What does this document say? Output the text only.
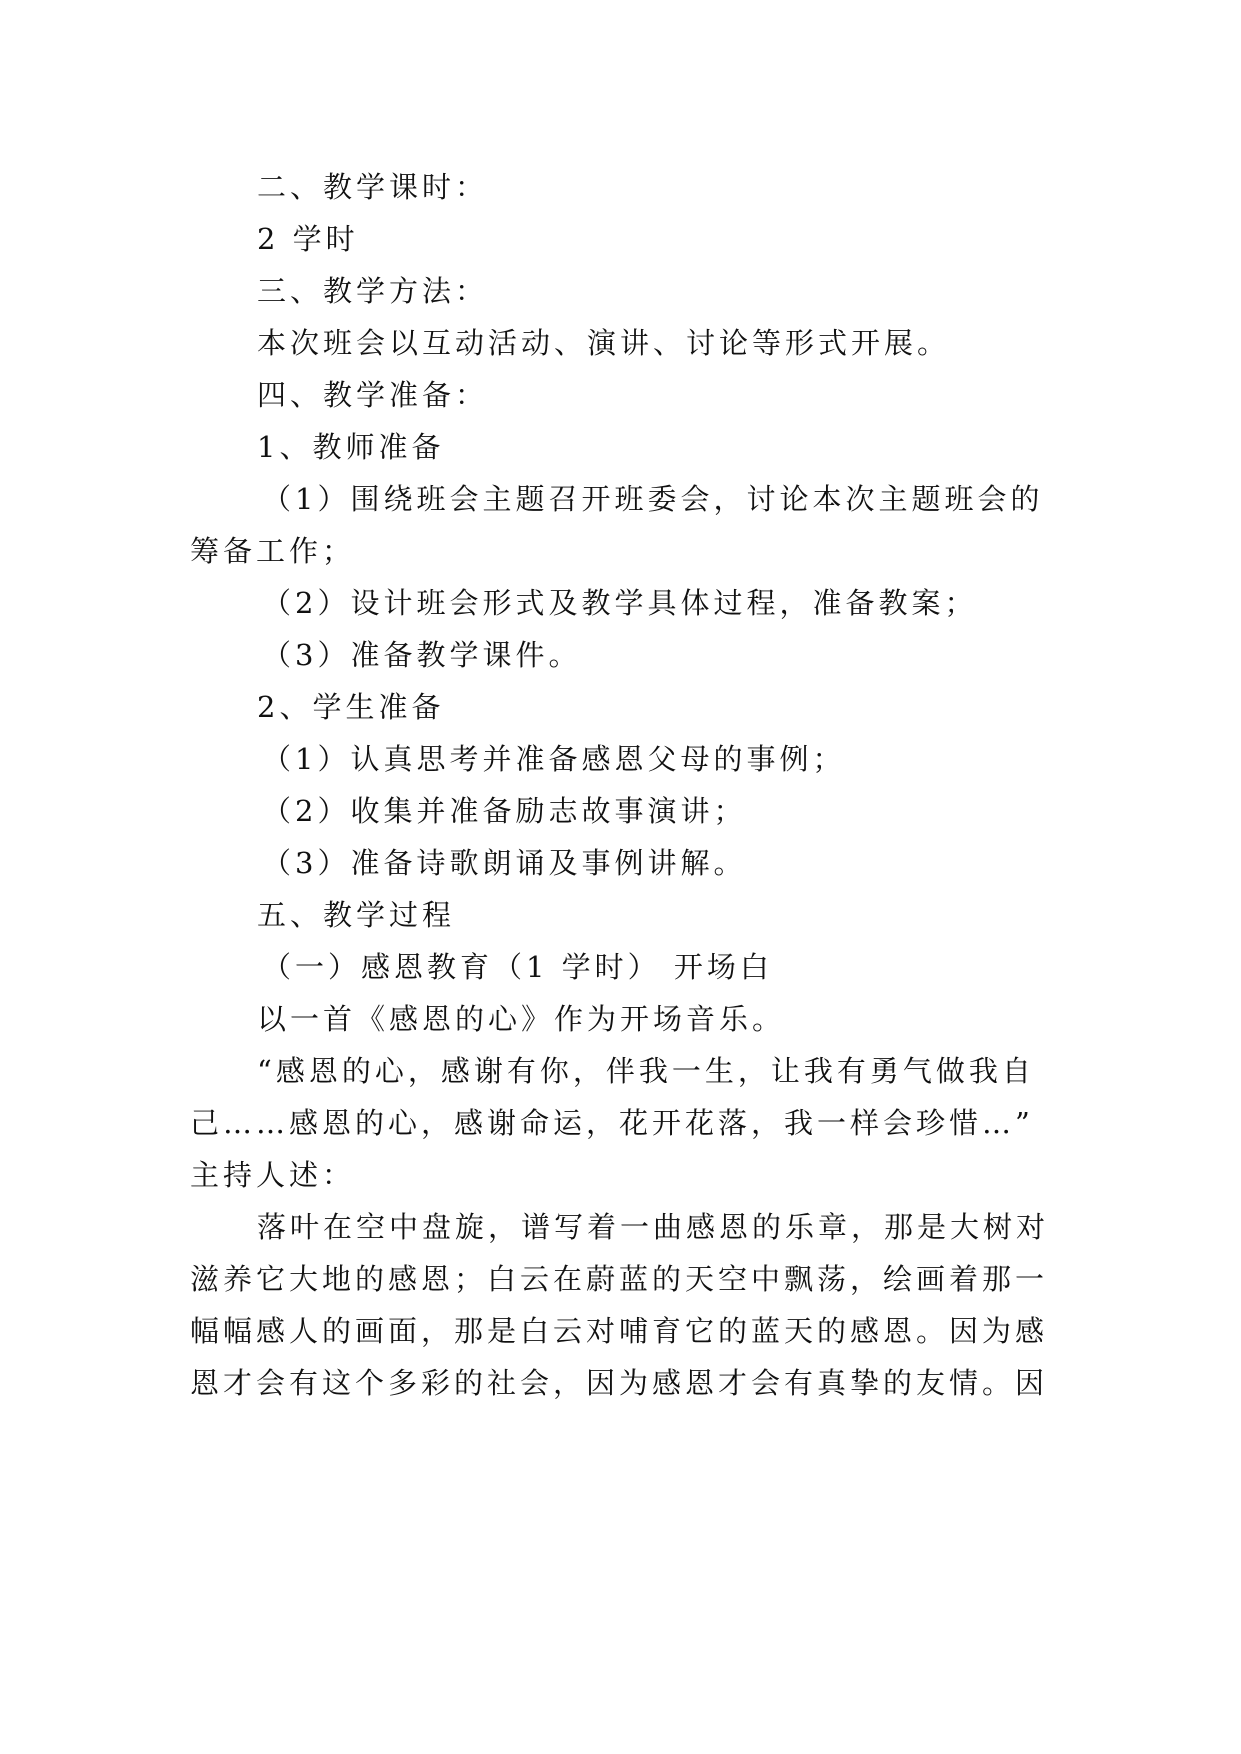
二、教学课时：
2 学时
三、教学方法：
本次班会以互动活动、演讲、讨论等形式开展。
四、教学准备：
1、教师准备
（1）围绕班会主题召开班委会，讨论本次主题班会的
筹备工作；
（2）设计班会形式及教学具体过程，准备教案；
（3）准备教学课件。
2、学生准备
（1）认真思考并准备感恩父母的事例；
（2）收集并准备励志故事演讲；
（3）准备诗歌朗诵及事例讲解。
五、教学过程
（一）感恩教育（1 学时） 开场白
以一首《感恩的心》作为开场音乐。
“感恩的心，感谢有你，伴我一生，让我有勇气做我自
己……感恩的心，感谢命运，花开花落，我一样会珍惜…”
主持人述：
落叶在空中盘旋，谱写着一曲感恩的乐章，那是大树对
滋养它大地的感恩；白云在蔚蓝的天空中飘荡，绘画着那一
幅幅感人的画面，那是白云对哺育它的蓝天的感恩。因为感
恩才会有这个多彩的社会，因为感恩才会有真挚的友情。因
